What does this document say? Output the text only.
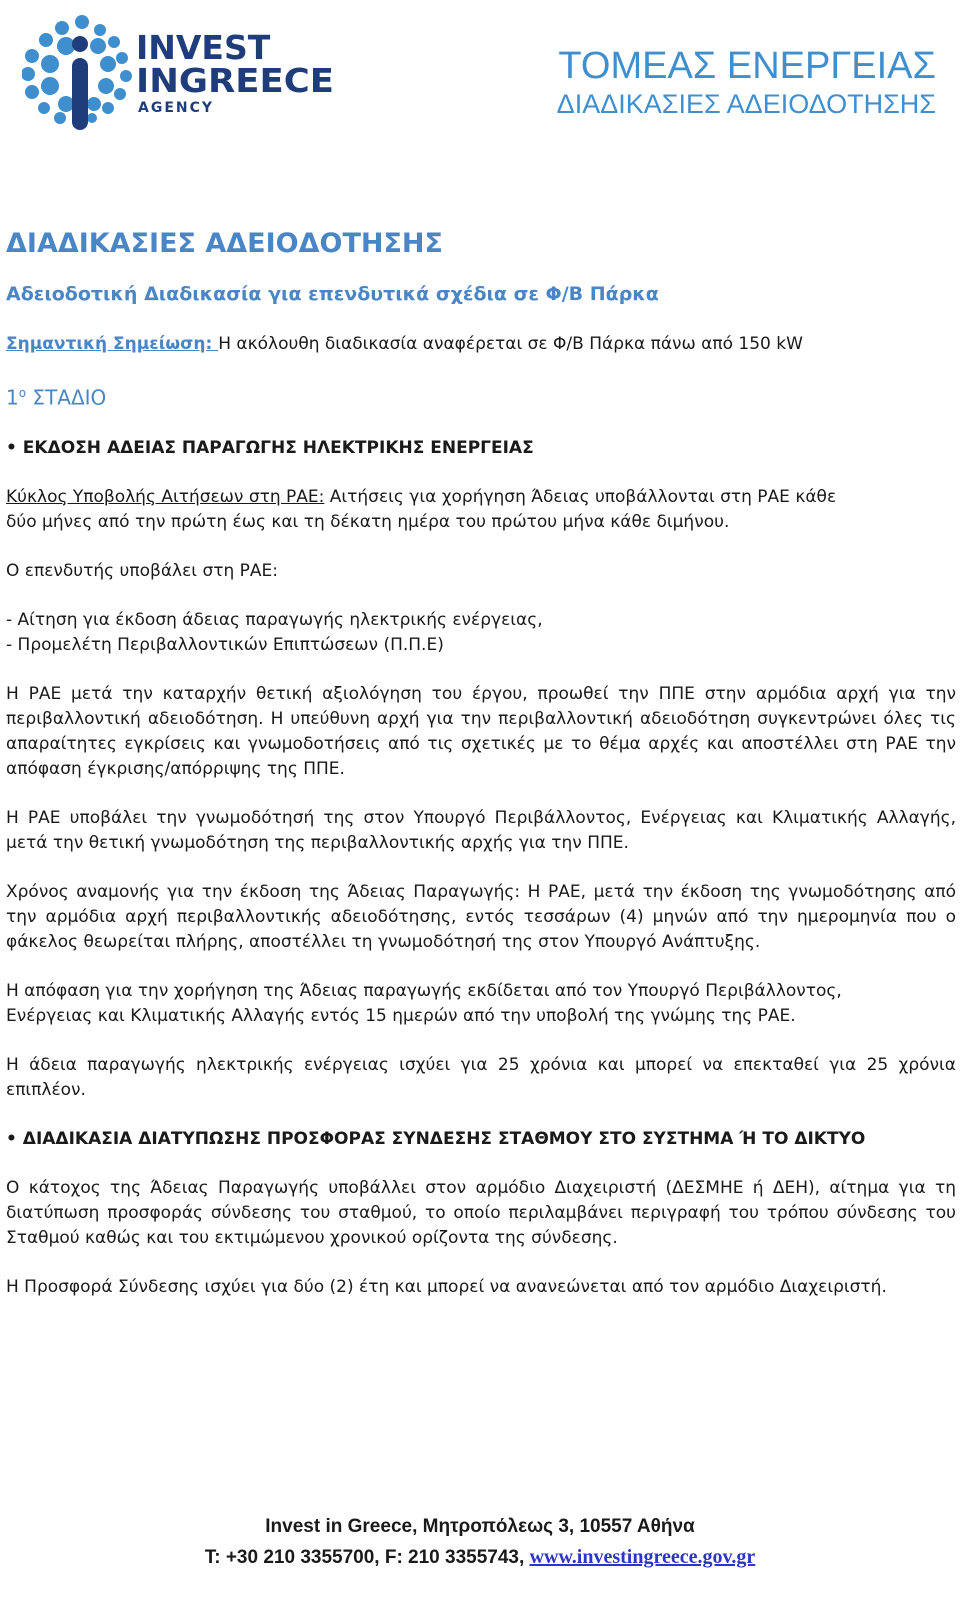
INVEST
INGREECE
AGENCY
ΤΟΜΕΑΣ ΕΝΕΡΓΕΙΑΣ
ΔΙΑΔΙΚΑΣΙΕΣ ΑΔΕΙΟΔΟΤΗΣΗΣ
ΔΙΑΔΙΚΑΣΙΕΣ ΑΔΕΙΟΔΟΤΗΣΗΣ
Αδειοδοτική Διαδικασία για επενδυτικά σχέδια σε Φ/Β Πάρκα

Σημαντική Σημείωση: Η ακόλουθη διαδικασία αναφέρεται σε Φ/Β Πάρκα πάνω από 150 kW

$1^o$ ΣΤΑΔΙΟ
• ΕΚΔΟΣΗ ΑΔΕΙΑΣ ΠΑΡΑΓΩΓΗΣ ΗΛΕΚΤΡΙΚΗΣ ΕΝΕΡΓΕΙΑΣ

Κύκλος Υποβολής Αιτήσεων στη ΡΑΕ: Αιτήσεις για χορήγηση Άδειας υποβάλλονται στη ΡΑΕ κάθε
δύο μήνες από την πρώτη έως και τη δέκατη ημέρα του πρώτου μήνα κάθε διμήνου.

Ο επενδυτής υποβάλει στη ΡΑΕ:

- Αίτηση για έκδοση άδειας παραγωγής ηλεκτρικής ενέργειας,
- Προμελέτη Περιβαλλοντικών Επιπτώσεων (Π.Π.Ε)

Η ΡΑΕ μετά την καταρχήν θετική αξιολόγηση του έργου, προωθεί την ΠΠΕ στην αρμόδια αρχή για την περιβαλλοντική αδειοδότηση. Η υπεύθυνη αρχή για την περιβαλλοντική αδειοδότηση συγκεντρώνει όλες τις απαραίτητες εγκρίσεις και γνωμοδοτήσεις από τις σχετικές με το θέμα αρχές και αποστέλλει στη ΡΑΕ την απόφαση έγκρισης/απόρριψης της ΠΠΕ.

Η ΡΑΕ υποβάλει την γνωμοδότησή της στον Υπουργό Περιβάλλοντος, Ενέργειας και Κλιματικής Αλλαγής, μετά την θετική γνωμοδότηση της περιβαλλοντικής αρχής για την ΠΠΕ.

Χρόνος αναμονής για την έκδοση της Άδειας Παραγωγής: Η ΡΑΕ, μετά την έκδοση της γνωμοδότησης από την αρμόδια αρχή περιβαλλοντικής αδειοδότησης, εντός τεσσάρων (4) μηνών από την ημερομηνία που ο φάκελος θεωρείται πλήρης, αποστέλλει τη γνωμοδότησή της στον Υπουργό Ανάπτυξης.

Η απόφαση για την χορήγηση της Άδειας παραγωγής εκδίδεται από τον Υπουργό Περιβάλλοντος,
Ενέργειας και Κλιματικής Αλλαγής εντός 15 ημερών από την υποβολή της γνώμης της ΡΑΕ.

Η άδεια παραγωγής ηλεκτρικής ενέργειας ισχύει για 25 χρόνια και μπορεί να επεκταθεί για 25 χρόνια επιπλέον.

• ΔΙΑΔΙΚΑΣΙΑ ΔΙΑΤΥΠΩΣΗΣ ΠΡΟΣΦΟΡΑΣ ΣΥΝΔΕΣΗΣ ΣΤΑΘΜΟΥ ΣΤΟ ΣΥΣΤΗΜΑ Ή ΤΟ ΔΙΚΤΥΟ

Ο κάτοχος της Άδειας Παραγωγής υποβάλλει στον αρμόδιο Διαχειριστή (ΔΕΣΜΗΕ ή ΔΕΗ), αίτημα για τη διατύπωση προσφοράς σύνδεσης του σταθμού, το οποίο περιλαμβάνει περιγραφή του τρόπου σύνδεσης του Σταθμού καθώς και του εκτιμώμενου χρονικού ορίζοντα της σύνδεσης.

Η Προσφορά Σύνδεσης ισχύει για δύο (2) έτη και μπορεί να ανανεώνεται από τον αρμόδιο Διαχειριστή.

Invest in Greece, Μητροπόλεως 3, 10557 Αθήνα
T: +30 210 3355700, F: 210 3355743, www.investingreece.gov.gr
